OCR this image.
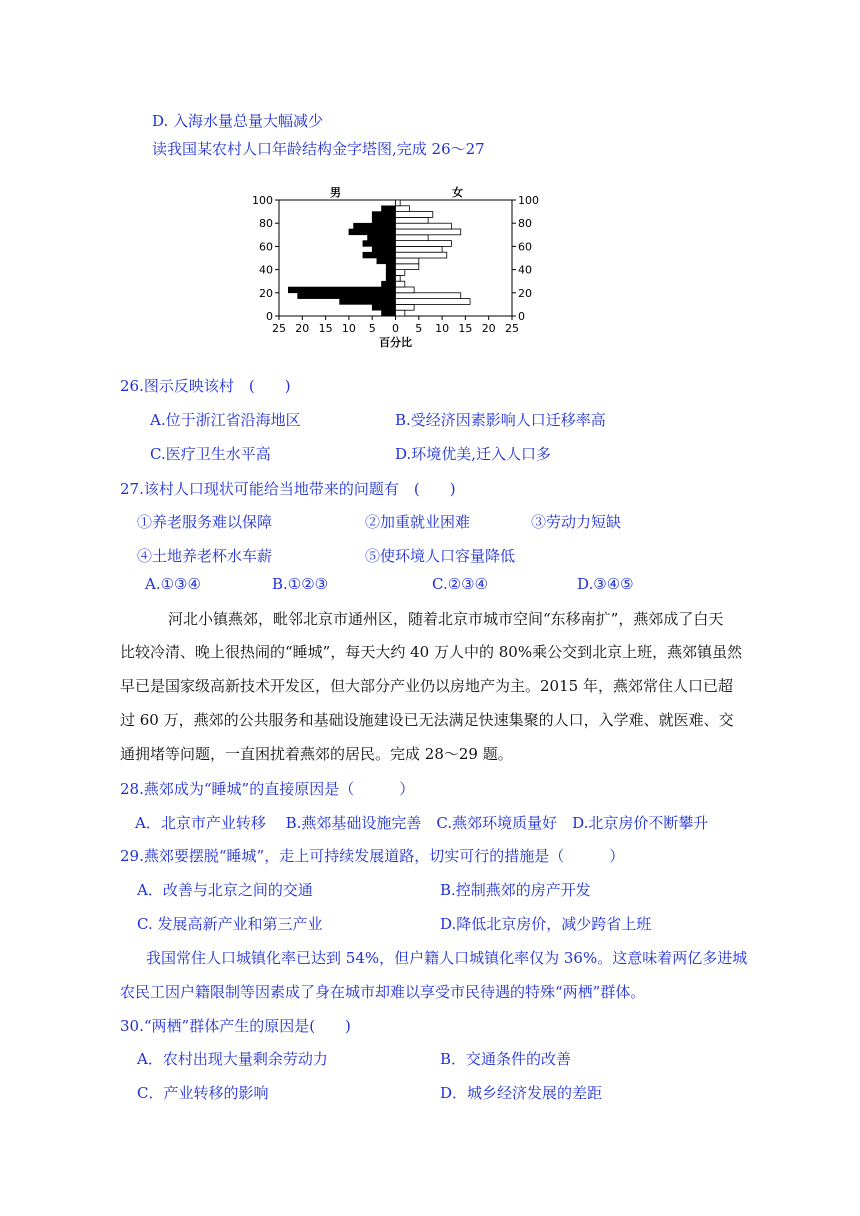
D. 入海水量总量大幅减少
读我国某农村人口年龄结构金字塔图,完成 26～27
0	0
20	20
40	40
60	60
80	80
100	100
25 20 15 10 5 0 5 10 15 20 25
百分比
男	女
26.图示反映该村　(　　)
A.位于浙江省沿海地区	B.受经济因素影响人口迁移率高
C.医疗卫生水平高	D.环境优美,迁入人口多
27.该村人口现状可能给当地带来的问题有　(　　)
①养老服务难以保障	②加重就业困难	③劳动力短缺
④土地养老杯水车薪	⑤使环境人口容量降低
A.①③④	B.①②③	C.②③④	D.③④⑤
河北小镇燕郊，毗邻北京市通州区，随着北京市城市空间“东移南扩”，燕郊成了白天
比较冷清、晚上很热闹的“睡城”，每天大约 40 万人中的 80%乘公交到北京上班，燕郊镇虽然
早已是国家级高新技术开发区，但大部分产业仍以房地产为主。2015 年，燕郊常住人口已超
过 60 万，燕郊的公共服务和基础设施建设已无法满足快速集聚的人口，入学难、就医难、交
通拥堵等问题，一直困扰着燕郊的居民。完成 28～29 题。
28.燕郊成为“睡城”的直接原因是（　　　）
A．北京市产业转移　 B.燕郊基础设施完善　C.燕郊环境质量好　D.北京房价不断攀升
29.燕郊要摆脱“睡城”，走上可持续发展道路，切实可行的措施是（　　　）
A．改善与北京之间的交通	B.控制燕郊的房产开发
C. 发展高新产业和第三产业	D.降低北京房价，减少跨省上班
我国常住人口城镇化率已达到 54%，但户籍人口城镇化率仅为 36%。这意味着两亿多进城
农民工因户籍限制等因素成了身在城市却难以享受市民待遇的特殊“两栖”群体。
30.“两栖”群体产生的原因是(　　)
A．农村出现大量剩余劳动力	B．交通条件的改善
C．产业转移的影响	D．城乡经济发展的差距
